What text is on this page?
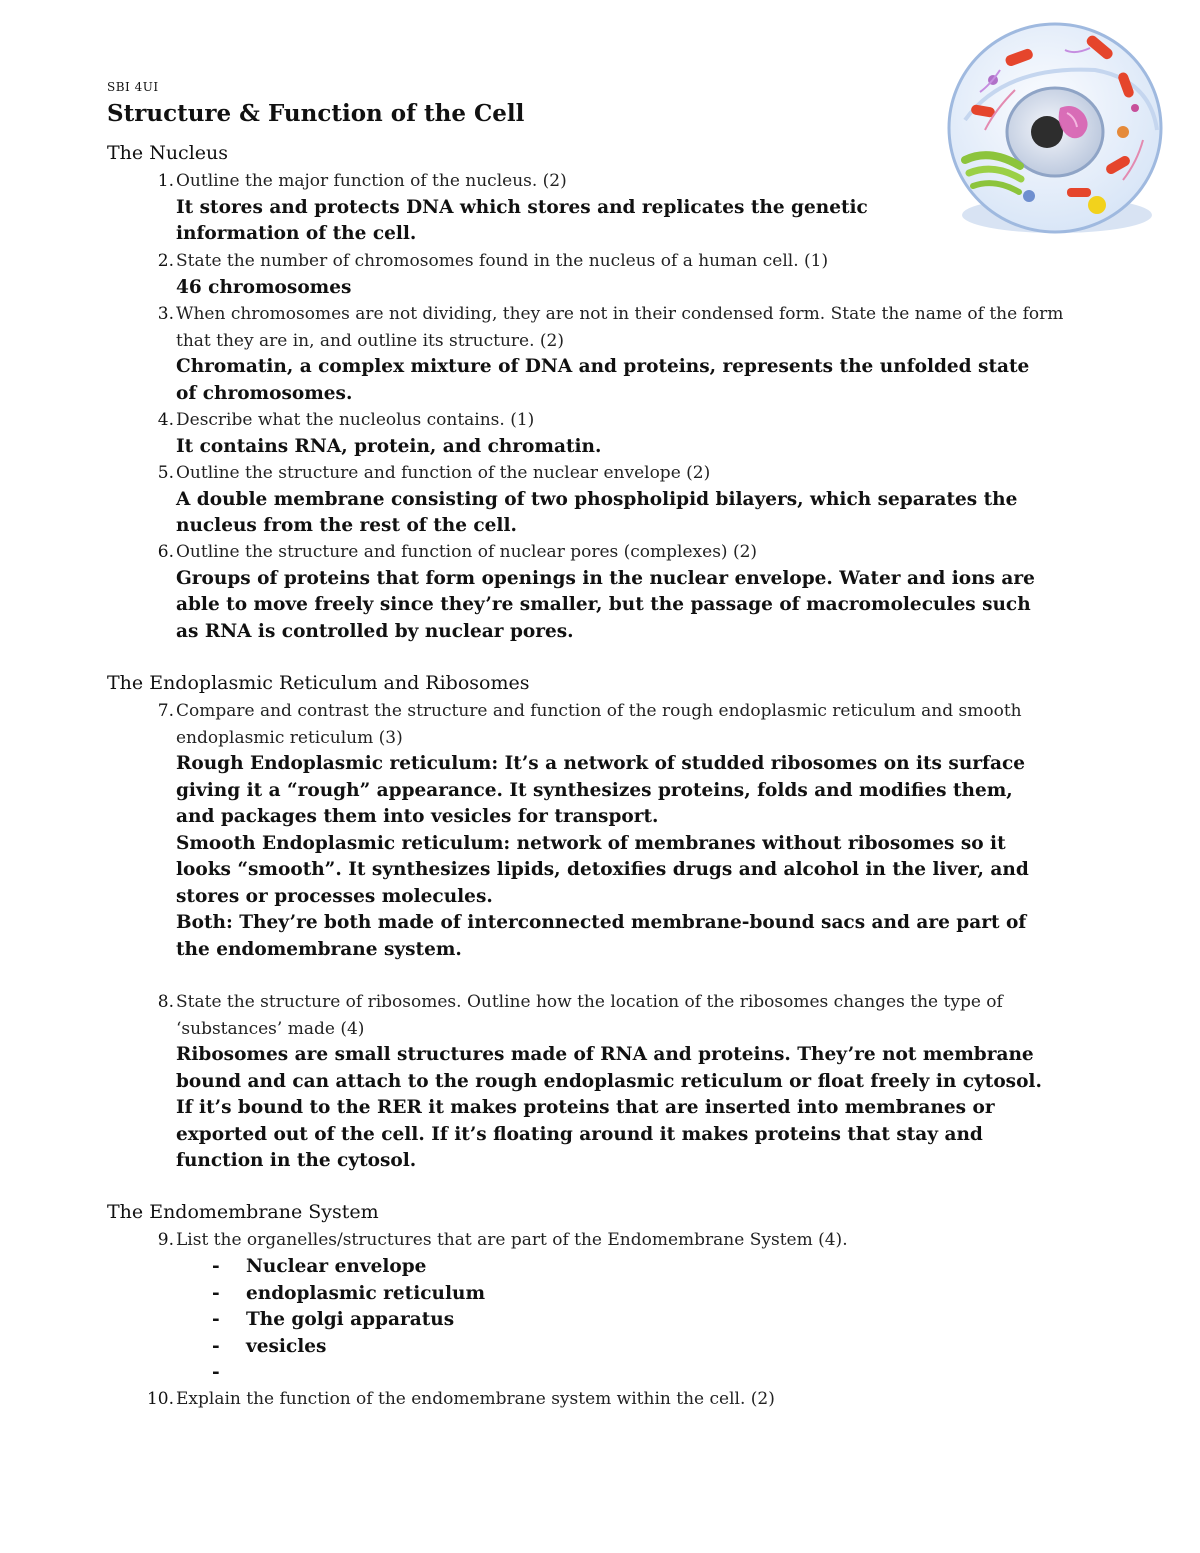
SBI 4UI
Structure & Function of the Cell
The Nucleus
1. Outline the major function of the nucleus. (2)
It stores and protects DNA which stores and replicates the genetic
information of the cell.
2. State the number of chromosomes found in the nucleus of a human cell. (1)
46 chromosomes
3. When chromosomes are not dividing, they are not in their condensed form. State the name of the form that they are in, and outline its structure. (2)
Chromatin, a complex mixture of DNA and proteins, represents the unfolded state
of chromosomes.
4. Describe what the nucleolus contains. (1)
It contains RNA, protein, and chromatin.
5. Outline the structure and function of the nuclear envelope (2)
A double membrane consisting of two phospholipid bilayers, which separates the
nucleus from the rest of the cell.
6. Outline the structure and function of nuclear pores (complexes) (2)
Groups of proteins that form openings in the nuclear envelope. Water and ions are
able to move freely since they’re smaller, but the passage of macromolecules such
as RNA is controlled by nuclear pores.
The Endoplasmic Reticulum and Ribosomes
7. Compare and contrast the structure and function of the rough endoplasmic reticulum and smooth endoplasmic reticulum (3)
Rough Endoplasmic reticulum: It’s a network of studded ribosomes on its surface
giving it a “rough” appearance. It synthesizes proteins, folds and modifies them,
and packages them into vesicles for transport.
Smooth Endoplasmic reticulum: network of membranes without ribosomes so it
looks “smooth”. It synthesizes lipids, detoxifies drugs and alcohol in the liver, and
stores or processes molecules.
Both: They’re both made of interconnected membrane-bound sacs and are part of
the endomembrane system.
8. State the structure of ribosomes. Outline how the location of the ribosomes changes the type of ‘substances’ made (4)
Ribosomes are small structures made of RNA and proteins. They’re not membrane
bound and can attach to the rough endoplasmic reticulum or float freely in cytosol.
If it’s bound to the RER it makes proteins that are inserted into membranes or
exported out of the cell. If it’s floating around it makes proteins that stay and
function in the cytosol.
The Endomembrane System
9. List the organelles/structures that are part of the Endomembrane System (4).
- Nuclear envelope
- endoplasmic reticulum
- The golgi apparatus
- vesicles
-
10. Explain the function of the endomembrane system within the cell. (2)
